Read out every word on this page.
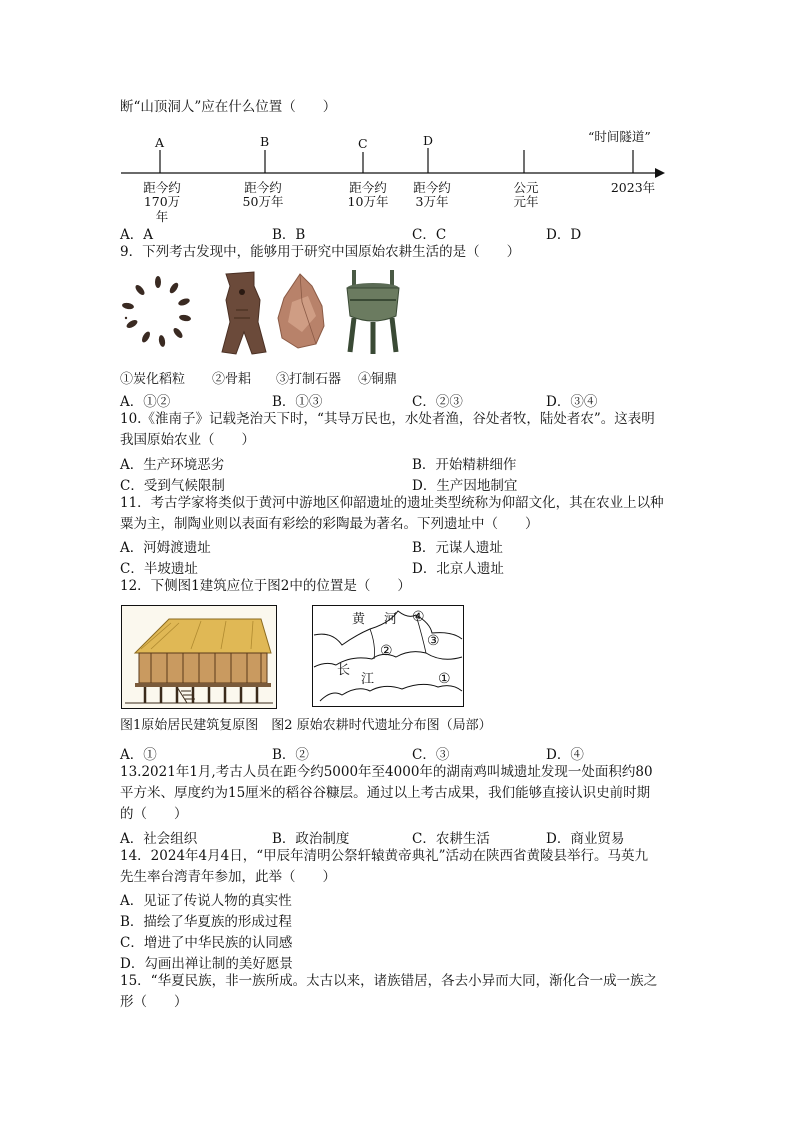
断“山顶洞人”应在什么位置（　　）
A	B	C	D	“时间隧道”
距今约
170万年
距今约
50万年
距今约
10万年
距今约
3万年
公元
元年
2023年
A．A	B．B	C．C	D．D
9．下列考古发现中，能够用于研究中国原始农耕生活的是（　　）
①炭化稻粒 ②骨耜 ③打制石器 ④铜鼎
A．①②	B．①③	C．②③	D．③④
10.《淮南子》记载尧治天下时，“其导万民也，水处者渔，谷处者牧，陆处者农”。这表明
我国原始农业（　　）
A．生产环境恶劣	B．开始精耕细作
C．受到气候限制	D．生产因地制宜
11．考古学家将类似于黄河中游地区仰韶遗址的遗址类型统称为仰韶文化，其在农业上以种
粟为主，制陶业则以表面有彩绘的彩陶最为著名。下列遗址中（　　）
A．河姆渡遗址	B．元谋人遗址
C．半坡遗址	D．北京人遗址
12．下侧图1建筑应位于图2中的位置是（　　）
黄 河 ④
③
②
长
江	①
图1原始居民建筑复原图　图2 原始农耕时代遗址分布图（局部）
A．①	B．②	C．③	D．④
13.2021年1月,考古人员在距今约5000年至4000年的湖南鸡叫城遗址发现一处面积约80
平方米、厚度约为15厘米的稻谷谷糠层。通过以上考古成果，我们能够直接认识史前时期
的（　　）
A．社会组织	B．政治制度	C．农耕生活	D．商业贸易
14．2024年4月4日，“甲辰年清明公祭轩辕黄帝典礼”活动在陕西省黄陵县举行。马英九
先生率台湾青年参加，此举（　　）
A．见证了传说人物的真实性
B．描绘了华夏族的形成过程
C．增进了中华民族的认同感
D．勾画出禅让制的美好愿景
15．“华夏民族，非一族所成。太古以来，诸族错居，各去小异而大同，渐化合一成一族之
形（　　）
